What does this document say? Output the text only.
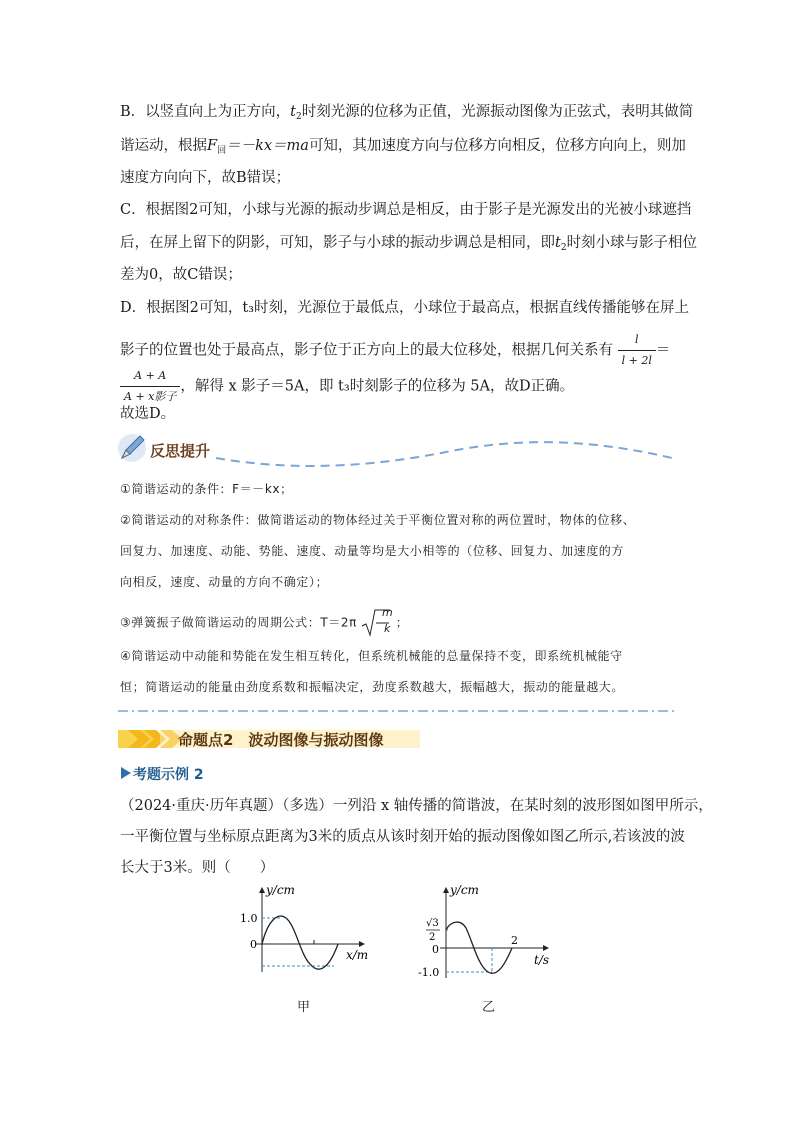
B．以竖直向上为正方向，$t_2$时刻光源的位移为正值，光源振动图像为正弦式，表明其做简
谐运动，根据$F_回=-kx=ma$可知，其加速度方向与位移方向相反，位移方向向上，则加
速度方向向下，故B错误；
C．根据图2可知，小球与光源的振动步调总是相反，由于影子是光源发出的光被小球遮挡
后，在屏上留下的阴影，可知，影子与小球的振动步调总是相同，即$t_2$时刻小球与影子相位
差为0，故C错误；
D．根据图2可知，t₃时刻，光源位于最低点，小球位于最高点，根据直线传播能够在屏上
影子的位置也处于最高点，影子位于正方向上的最大位移处，根据几何关系有 $\frac{l}{l + 2l}$ ＝
$\frac{A + A}{\text{A + x影子}}$ ，解得 x 影子＝5A，即 t₃时刻影子的位移为 5A，故D正确。
故选D。
反思提升
①简谐运动的条件：F＝－kx；
②简谐运动的对称条件：做简谐运动的物体经过关于平衡位置对称的两位置时，物体的位移、
回复力、加速度、动能、势能、速度、动量等均是大小相等的（位移、回复力、加速度的方
向相反，速度、动量的方向不确定）；
③弹簧振子做简谐运动的周期公式：T＝2π
m
k ；
④简谐运动中动能和势能在发生相互转化，但系统机械能的总量保持不变，即系统机械能守
恒；简谐运动的能量由劲度系数和振幅决定，劲度系数越大，振幅越大，振动的能量越大。
命题点2　波动图像与振动图像
考题示例 2
（2024·重庆·历年真题）（多选）一列沿 x 轴传播的简谐波，在某时刻的波形图如图甲所示，
一平衡位置与坐标原点距离为3米的质点从该时刻开始的振动图像如图乙所示,若该波的波
长大于3米。则（　　）
y/cm
1.0
0
x/m
甲
y/cm
√3
2
0
-1.0
2
t/s
乙
